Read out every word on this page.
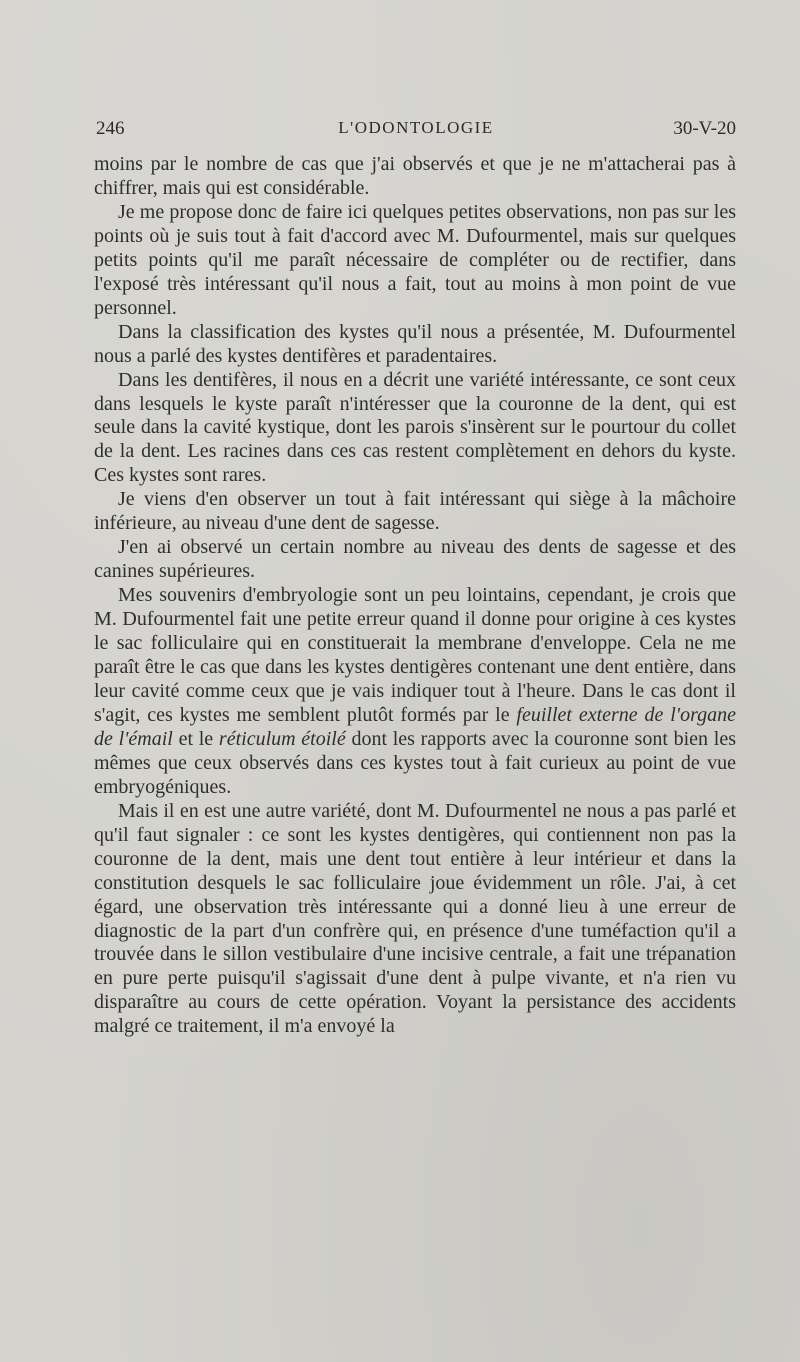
246	L'ODONTOLOGIE	30-V-20

moins par le nombre de cas que j'ai observés et que je ne m'attacherai pas à chiffrer, mais qui est considérable.

Je me propose donc de faire ici quelques petites observations, non pas sur les points où je suis tout à fait d'accord avec M. Dufourmentel, mais sur quelques petits points qu'il me paraît nécessaire de compléter ou de rectifier, dans l'exposé très intéressant qu'il nous a fait, tout au moins à mon point de vue personnel.

Dans la classification des kystes qu'il nous a présentée, M. Dufourmentel nous a parlé des kystes dentifères et paradentaires.

Dans les dentifères, il nous en a décrit une variété intéressante, ce sont ceux dans lesquels le kyste paraît n'intéresser que la couronne de la dent, qui est seule dans la cavité kystique, dont les parois s'insèrent sur le pourtour du collet de la dent. Les racines dans ces cas restent complètement en dehors du kyste. Ces kystes sont rares.

Je viens d'en observer un tout à fait intéressant qui siège à la mâchoire inférieure, au niveau d'une dent de sagesse.

J'en ai observé un certain nombre au niveau des dents de sagesse et des canines supérieures.

Mes souvenirs d'embryologie sont un peu lointains, cependant, je crois que M. Dufourmentel fait une petite erreur quand il donne pour origine à ces kystes le sac folliculaire qui en constituerait la membrane d'enveloppe. Cela ne me paraît être le cas que dans les kystes dentigères contenant une dent entière, dans leur cavité comme ceux que je vais indiquer tout à l'heure. Dans le cas dont il s'agit, ces kystes me semblent plutôt formés par le feuillet externe de l'organe de l'émail et le réticulum étoilé dont les rapports avec la couronne sont bien les mêmes que ceux observés dans ces kystes tout à fait curieux au point de vue embryogéniques.

Mais il en est une autre variété, dont M. Dufourmentel ne nous a pas parlé et qu'il faut signaler : ce sont les kystes dentigères, qui contiennent non pas la couronne de la dent, mais une dent tout entière à leur intérieur et dans la constitution desquels le sac folliculaire joue évidemment un rôle. J'ai, à cet égard, une observation très intéressante qui a donné lieu à une erreur de diagnostic de la part d'un confrère qui, en présence d'une tuméfaction qu'il a trouvée dans le sillon vestibulaire d'une incisive centrale, a fait une trépanation en pure perte puisqu'il s'agissait d'une dent à pulpe vivante, et n'a rien vu disparaître au cours de cette opération. Voyant la persistance des accidents malgré ce traitement, il m'a envoyé la
